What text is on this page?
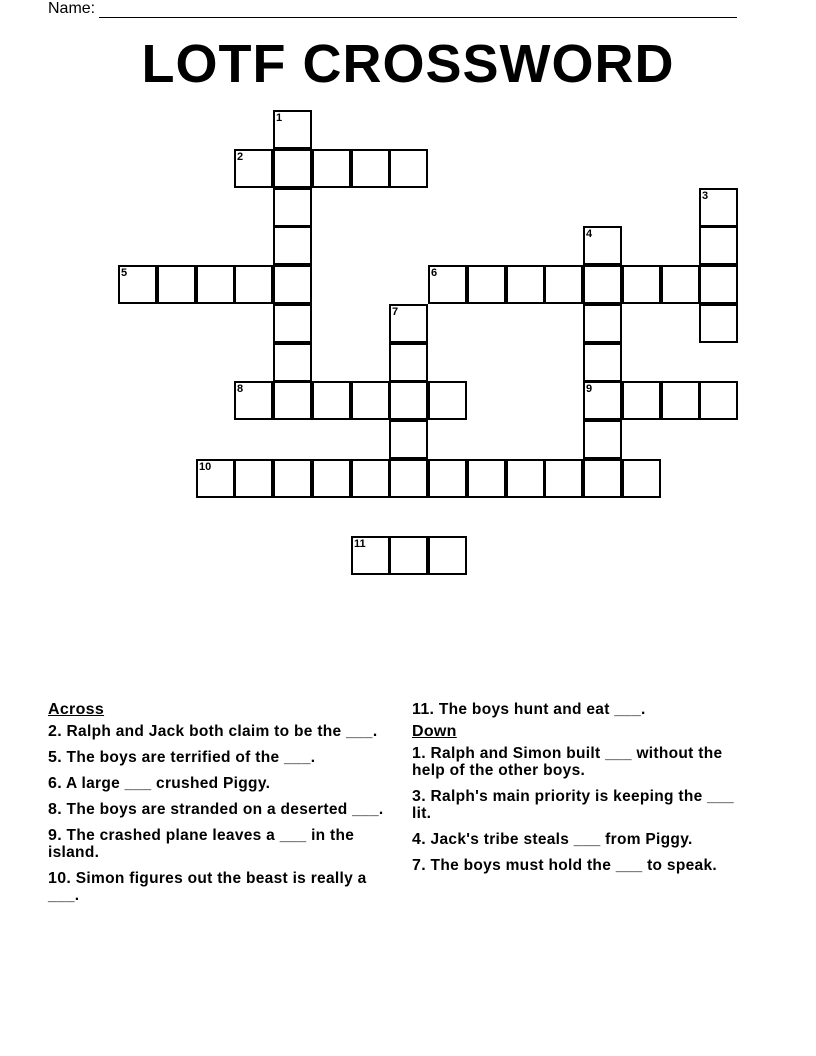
Name:
LOTF CROSSWORD
1
2
3
4
5	6
7
8	9
10
11
Across
2. Ralph and Jack both claim to be the ___.
5. The boys are terrified of the ___.
6. A large ___ crushed Piggy.
8. The boys are stranded on a deserted ___.
9. The crashed plane leaves a ___ in the island.
10. Simon figures out the beast is really a ___.
11. The boys hunt and eat ___.
Down
1. Ralph and Simon built ___ without the help of the other boys.
3. Ralph's main priority is keeping the ___ lit.
4. Jack's tribe steals ___ from Piggy.
7. The boys must hold the ___ to speak.
